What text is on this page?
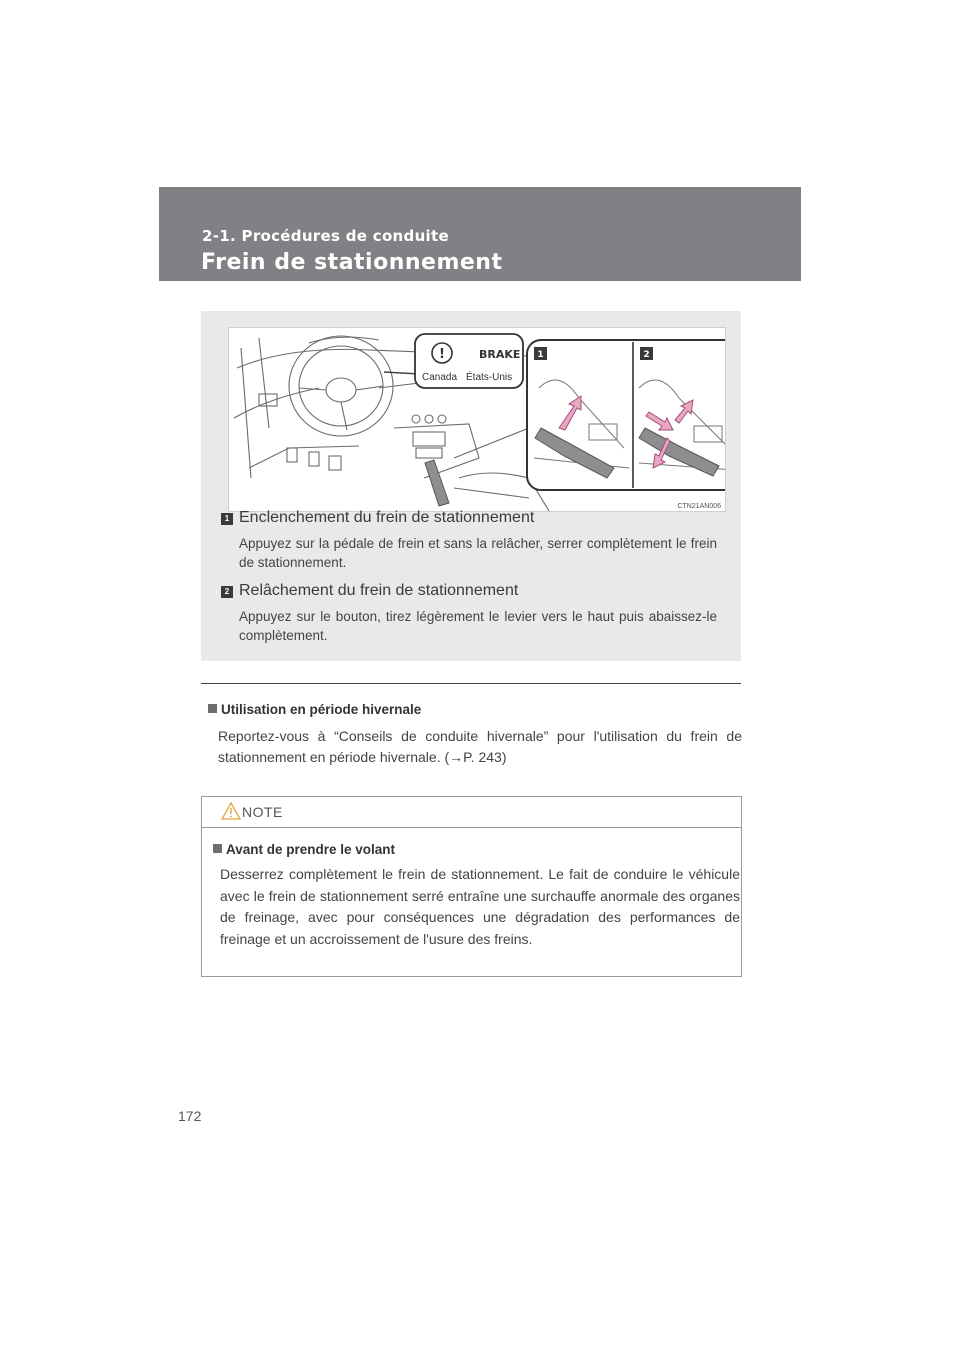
2-1. Procédures de conduite
Frein de stationnement
!	BRAKE
Canada États-Unis
1	2
CTN21AN006
1 Enclenchement du frein de stationnement
Appuyez sur la pédale de frein et sans la relâcher, serrer complètement le frein de stationnement.
2 Relâchement du frein de stationnement
Appuyez sur le bouton, tirez légèrement le levier vers le haut puis abaissez-le complètement.
Utilisation en période hivernale
Reportez-vous à “Conseils de conduite hivernale” pour l'utilisation du frein de stationnement en période hivernale. (→P. 243)
NOTE
Avant de prendre le volant
Desserrez complètement le frein de stationnement. Le fait de conduire le véhicule avec le frein de stationnement serré entraîne une surchauffe anormale des organes de freinage, avec pour conséquences une dégradation des performances de freinage et un accroissement de l'usure des freins.
172
